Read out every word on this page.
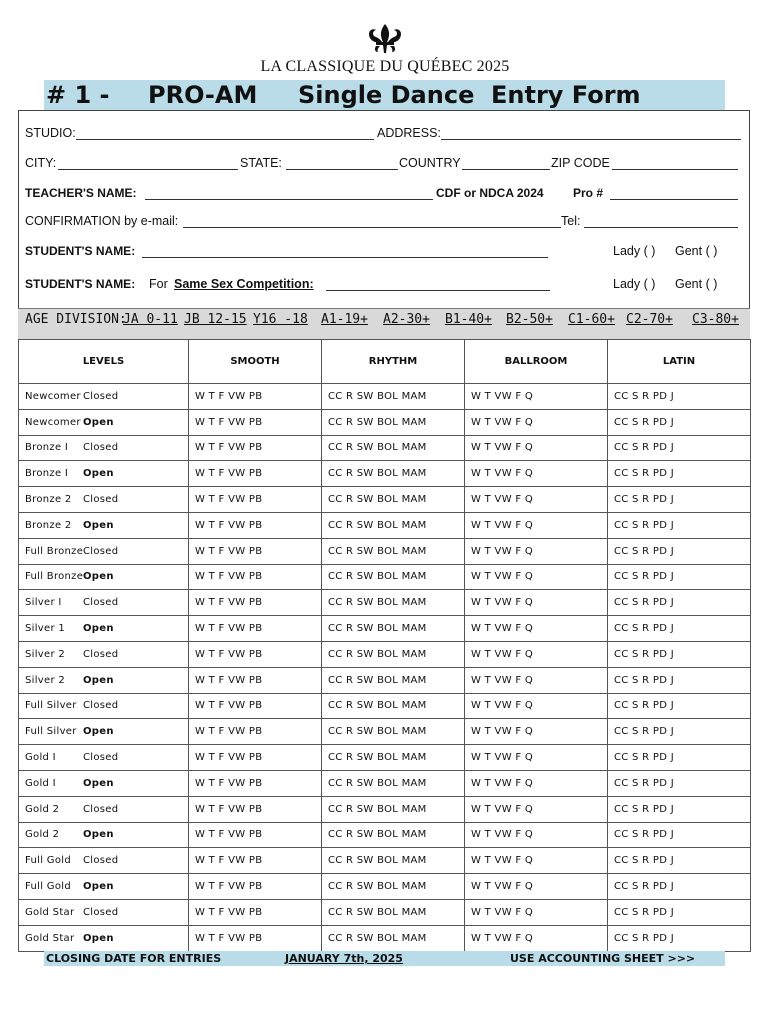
LA CLASSIQUE DU QUÉBEC 2025
# 1 - PRO-AM Single Dance Entry Form
STUDIO:	ADDRESS:
CITY:	STATE:	COUNTRY	ZIP CODE
TEACHER'S NAME:	CDF or NDCA 2024 Pro #
CONFIRMATION by e-mail:	Tel:
STUDENT'S NAME:	Lady ( ) Gent ( )
STUDENT'S NAME: For Same Sex Competition:	Lady ( ) Gent ( )
AGE DIVISION:
JA 0-11 JB 12-15 Y16 -18 A1-19+ A2-30+ B1-40+ B2-50+ C1-60+ C2-70+ C3-80+
LEVELS	SMOOTH	RHYTHM	BALLROOM	LATIN
Newcomer Closed	W T F VW PB	CC R SW BOL MAM	W T VW F Q	CC S R PD J
Newcomer Open	W T F VW PB	CC R SW BOL MAM	W T VW F Q	CC S R PD J
Bronze I Closed	W T F VW PB	CC R SW BOL MAM	W T VW F Q	CC S R PD J
Bronze I Open	W T F VW PB	CC R SW BOL MAM	W T VW F Q	CC S R PD J
Bronze 2 Closed	W T F VW PB	CC R SW BOL MAM	W T VW F Q	CC S R PD J
Bronze 2 Open	W T F VW PB	CC R SW BOL MAM	W T VW F Q	CC S R PD J
Full BronzeClosed	W T F VW PB	CC R SW BOL MAM	W T VW F Q	CC S R PD J
Full BronzeOpen	W T F VW PB	CC R SW BOL MAM	W T VW F Q	CC S R PD J
Silver I Closed	W T F VW PB	CC R SW BOL MAM	W T VW F Q	CC S R PD J
Silver 1 Open	W T F VW PB	CC R SW BOL MAM	W T VW F Q	CC S R PD J
Silver 2 Closed	W T F VW PB	CC R SW BOL MAM	W T VW F Q	CC S R PD J
Silver 2 Open	W T F VW PB	CC R SW BOL MAM	W T VW F Q	CC S R PD J
Full Silver Closed	W T F VW PB	CC R SW BOL MAM	W T VW F Q	CC S R PD J
Full Silver Open	W T F VW PB	CC R SW BOL MAM	W T VW F Q	CC S R PD J
Gold I Closed	W T F VW PB	CC R SW BOL MAM	W T VW F Q	CC S R PD J
Gold I Open	W T F VW PB	CC R SW BOL MAM	W T VW F Q	CC S R PD J
Gold 2 Closed	W T F VW PB	CC R SW BOL MAM	W T VW F Q	CC S R PD J
Gold 2 Open	W T F VW PB	CC R SW BOL MAM	W T VW F Q	CC S R PD J
Full Gold Closed	W T F VW PB	CC R SW BOL MAM	W T VW F Q	CC S R PD J
Full Gold Open	W T F VW PB	CC R SW BOL MAM	W T VW F Q	CC S R PD J
Gold Star Closed	W T F VW PB	CC R SW BOL MAM	W T VW F Q	CC S R PD J
Gold Star Open	W T F VW PB	CC R SW BOL MAM	W T VW F Q	CC S R PD J
CLOSING DATE FOR ENTRIES	JANUARY 7th, 2025	USE ACCOUNTING SHEET >>>
